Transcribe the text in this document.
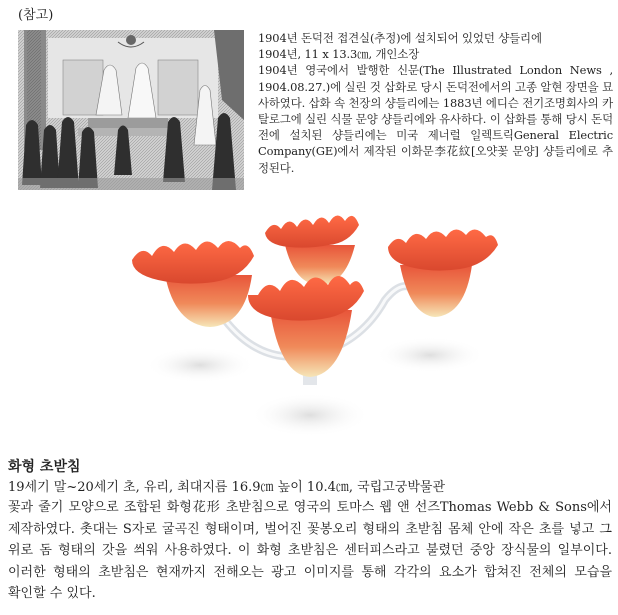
(참고)

1904년 돈덕전 접견실(추정)에 설치되어 있었던 샹들리에

1904년, 11 x 13.3㎝, 개인소장

1904년 영국에서 발행한 신문(The Illustrated London News , 1904.08.27.)에 실린 것 삽화로 당시 돈덕전에서의 고종 알현 장면을 묘사하였다. 삽화 속 천장의 샹들리에는 1883년 에디슨 전기조명회사의 카탈로그에 실린 식물 문양 샹들리에와 유사하다. 이 삽화를 통해 당시 돈덕전에 설치된 샹들리에는 미국 제너럴 일렉트릭General Electric Company(GE)에서 제작된 이화문李花紋[오얏꽃 문양] 샹들리에로 추정된다.

화형 초받침
19세기 말~20세기 초, 유리, 최대지름 16.9㎝ 높이 10.4㎝, 국립고궁박물관

꽃과 줄기 모양으로 조합된 화형花形 초받침으로 영국의 토마스 웹 앤 선즈Thomas Webb & Sons에서 제작하였다. 촛대는 S자로 굴곡진 형태이며, 벌어진 꽃봉오리 형태의 초받침 몸체 안에 작은 초를 넣고 그 위로 돔 형태의 갓을 씌워 사용하였다. 이 화형 초받침은 센터피스라고 불렸던 중앙 장식물의 일부이다. 이러한 형태의 초받침은 현재까지 전해오는 광고 이미지를 통해 각각의 요소가 합쳐진 전체의 모습을 확인할 수 있다.
